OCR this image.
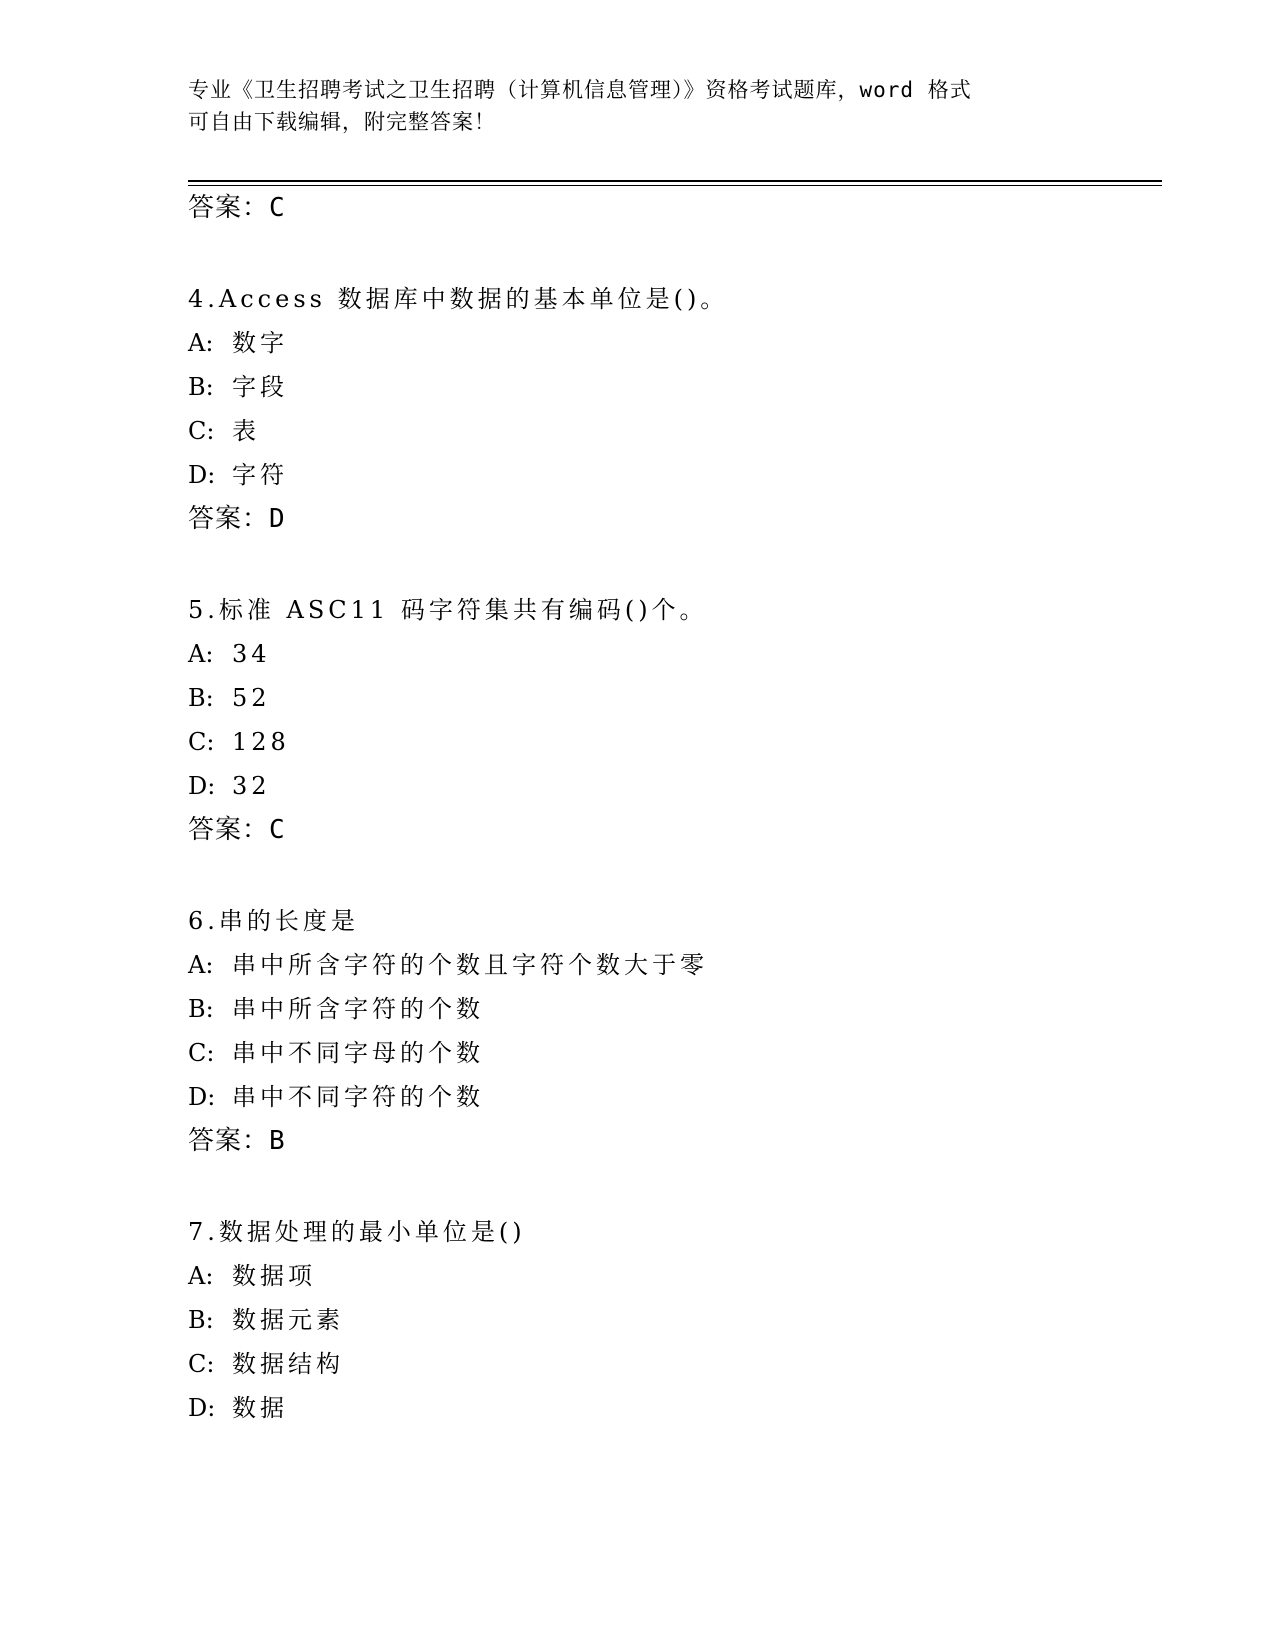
专业《卫生招聘考试之卫生招聘（计算机信息管理）》资格考试题库，word 格式
可自由下载编辑，附完整答案！
答案：C
4.Access 数据库中数据的基本单位是()。
A: 数字
B: 字段
C: 表
D: 字符
答案：D
5.标准 ASC11 码字符集共有编码()个。
A: 34
B: 52
C: 128
D: 32
答案：C
6.串的长度是
A: 串中所含字符的个数且字符个数大于零
B: 串中所含字符的个数
C: 串中不同字母的个数
D: 串中不同字符的个数
答案：B
7.数据处理的最小单位是()
A: 数据项
B: 数据元素
C: 数据结构
D: 数据
